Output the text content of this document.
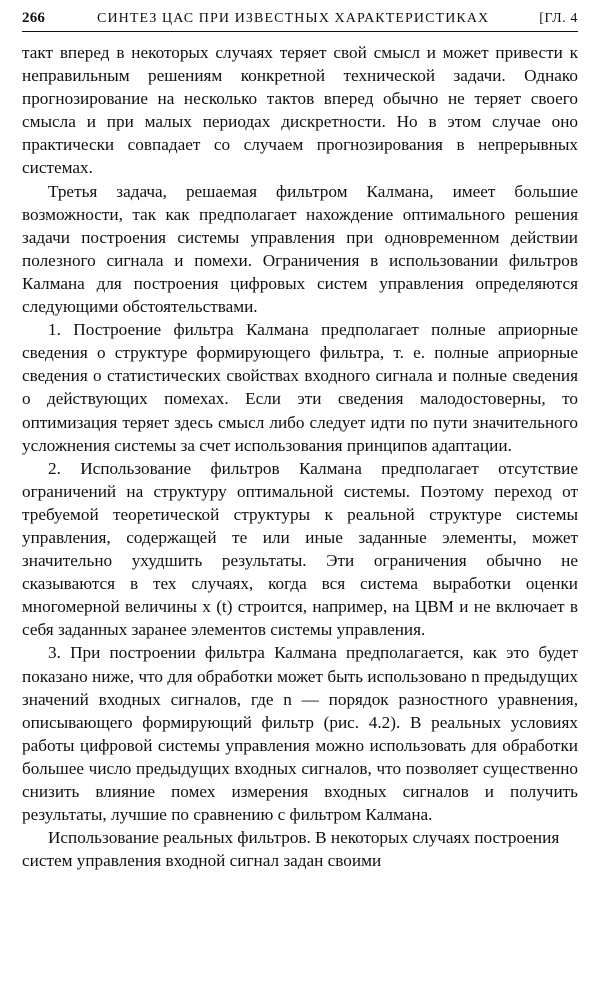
266	СИНТЕЗ ЦАС ПРИ ИЗВЕСТНЫХ ХАРАКТЕРИСТИКАХ	[ГЛ. 4

такт вперед в некоторых случаях теряет свой смысл и может привести к неправильным решениям конкретной технической задачи. Однако прогнозирование на несколько тактов вперед обычно не теряет своего смысла и при малых периодах дискретности. Но в этом случае оно практически совпадает со случаем прогнозирования в непрерывных системах.

Третья задача, решаемая фильтром Калмана, имеет большие возможности, так как предполагает нахождение оптимального решения задачи построения системы управления при одновременном действии полезного сигнала и помехи. Ограничения в использовании фильтров Калмана для построения цифровых систем управления определяются следующими обстоятельствами.

1. Построение фильтра Калмана предполагает полные априорные сведения о структуре формирующего фильтра, т. е. полные априорные сведения о статистических свойствах входного сигнала и полные сведения о действующих помехах. Если эти сведения малодостоверны, то оптимизация теряет здесь смысл либо следует идти по пути значительного усложнения системы за счет использования принципов адаптации.

2. Использование фильтров Калмана предполагает отсутствие ограничений на структуру оптимальной системы. Поэтому переход от требуемой теоретической структуры к реальной структуре системы управления, содержащей те или иные заданные элементы, может значительно ухудшить результаты. Эти ограничения обычно не сказываются в тех случаях, когда вся система выработки оценки многомерной величины x (t) строится, например, на ЦВМ и не включает в себя заданных заранее элементов системы управления.

3. При построении фильтра Калмана предполагается, как это будет показано ниже, что для обработки может быть использовано n предыдущих значений входных сигналов, где n — порядок разностного уравнения, описывающего формирующий фильтр (рис. 4.2). В реальных условиях работы цифровой системы управления можно использовать для обработки большее число предыдущих входных сигналов, что позволяет существенно снизить влияние помех измерения входных сигналов и получить результаты, лучшие по сравнению с фильтром Калмана.

Использование реальных фильтров. В некоторых случаях построения систем управления входной сигнал задан своими
